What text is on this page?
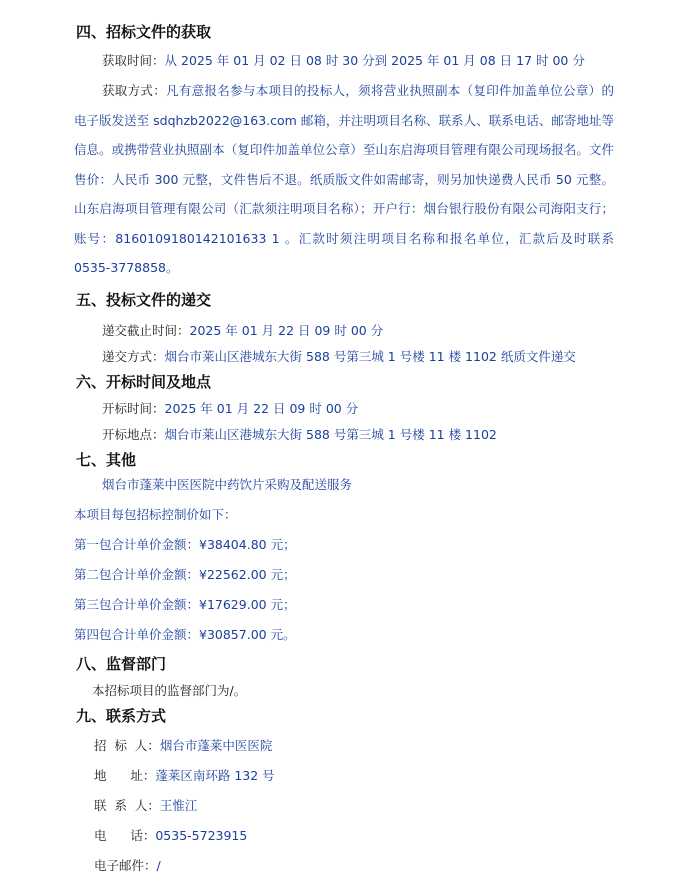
四、招标文件的获取
获取时间：从 2025 年 01 月 02 日 08 时 30 分到 2025 年 01 月 08 日 17 时 00 分
获取方式：凡有意报名参与本项目的投标人，须将营业执照副本（复印件加盖单位公章）的电子版发送至 sdqhzb2022@163.com 邮箱，并注明项目名称、联系人、联系电话、邮寄地址等信息。或携带营业执照副本（复印件加盖单位公章）至山东启海项目管理有限公司现场报名。文件售价：人民币 300 元整，文件售后不退。纸质版文件如需邮寄，则另加快递费人民币 50 元整。山东启海项目管理有限公司（汇款须注明项目名称）；开户行：烟台银行股份有限公司海阳支行；账号：8160109180142101633 1 。汇款时须注明项目名称和报名单位，汇款后及时联系 0535-3778858。
五、投标文件的递交
递交截止时间：2025 年 01 月 22 日 09 时 00 分
递交方式：烟台市莱山区港城东大街 588 号第三城 1 号楼 11 楼 1102 纸质文件递交
六、开标时间及地点
开标时间：2025 年 01 月 22 日 09 时 00 分
开标地点：烟台市莱山区港城东大街 588 号第三城 1 号楼 11 楼 1102
七、其他
烟台市蓬莱中医医院中药饮片采购及配送服务
本项目每包招标控制价如下：
第一包合计单价金额：¥38404.80 元；
第二包合计单价金额：¥22562.00 元；
第三包合计单价金额：¥17629.00 元；
第四包合计单价金额：¥30857.00 元。
八、监督部门
本招标项目的监督部门为/。
九、联系方式
招  标  人：烟台市蓬莱中医医院
地      址：蓬莱区南环路 132 号
联  系  人：王惟江
电      话：0535-5723915
电子邮件：/
